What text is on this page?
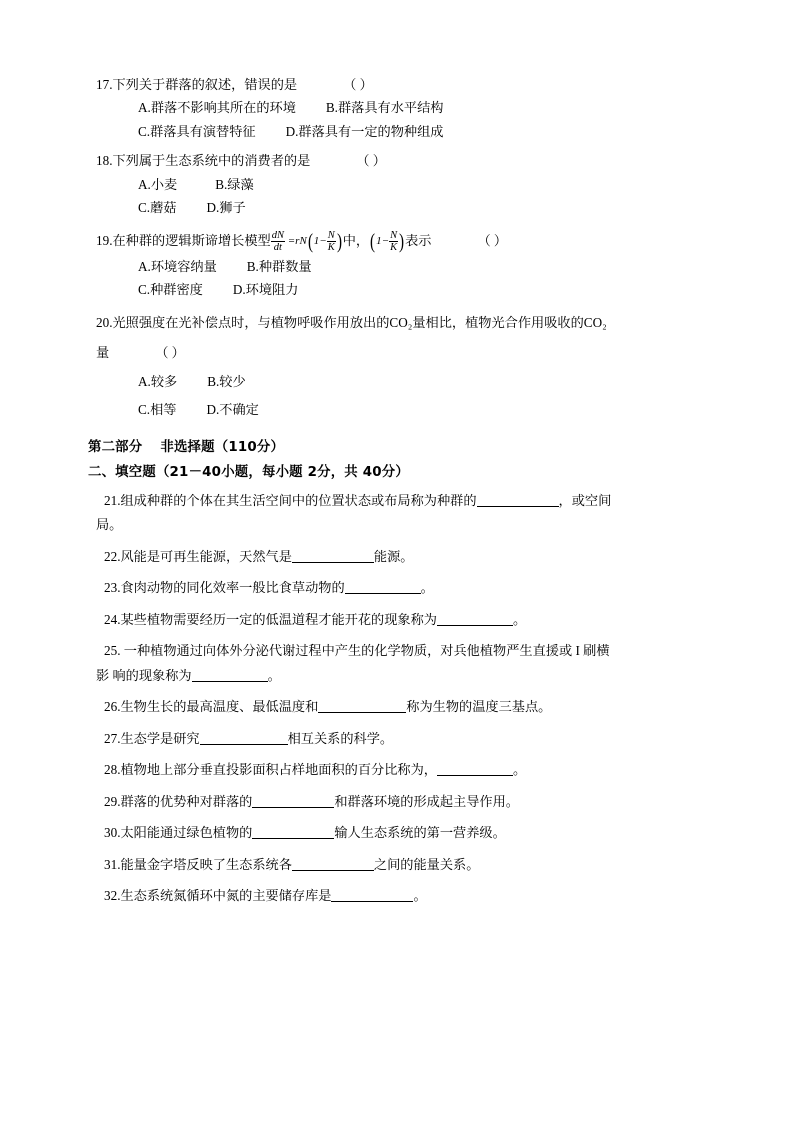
17.下列关于群落的叙述，错误的是	（ ）
A.群落不影响其所在的环境 B.群落具有水平结构
C.群落具有演替特征 D.群落具有一定的物种组成
18.下列属于生态系统中的消费者的是	（ ）
A.小麦	B.绿藻
C.蘑菇 D.狮子
19.在种群的逻辑斯谛增长模型 $\frac{dN}{dt} =rN(1- \frac{N}{K}$ )中，($1- \frac{N}{K}$ )表示	（ ）
A.环境容纳量 B.种群数量
C.种群密度 D.环境阻力
20.光照强度在光补偿点时，与植物呼吸作用放出的CO₂量相比，植物光合作用吸收的CO₂
量	（ ）
A.较多 B.较少
C.相等 D.不确定
第二部分 非选择题（110分）
二、填空题（21－40小题，每小题 2分，共 40分）
21.组成种群的个体在其生活空间中的位置状态或布局称为种群的	，或空间
局。
22.风能是可再生能源，天然气是	能源。
23.食肉动物的同化效率一般比食草动物的	。
24.某些植物需要经历一定的低温道程才能开花的现象称为	。
25. 一种植物通过向体外分泌代谢过程中产生的化学物质，对兵他植物严生直援或 I 刷横
影 响的现象称为	。
26.生物生长的最高温度、最低温度和	称为生物的温度三基点。
27.生态学是研究	相互关系的科学。
28.植物地上部分垂直投影面积占样地面积的百分比称为，	。
29.群落的优势种对群落的	和群落环境的形成起主导作用。
30.太阳能通过绿色植物的	输人生态系统的第一营养级。
31.能量金字塔反映了生态系统各	之间的能量关系。
32.生态系统氮循环中氮的主要储存库是	。
